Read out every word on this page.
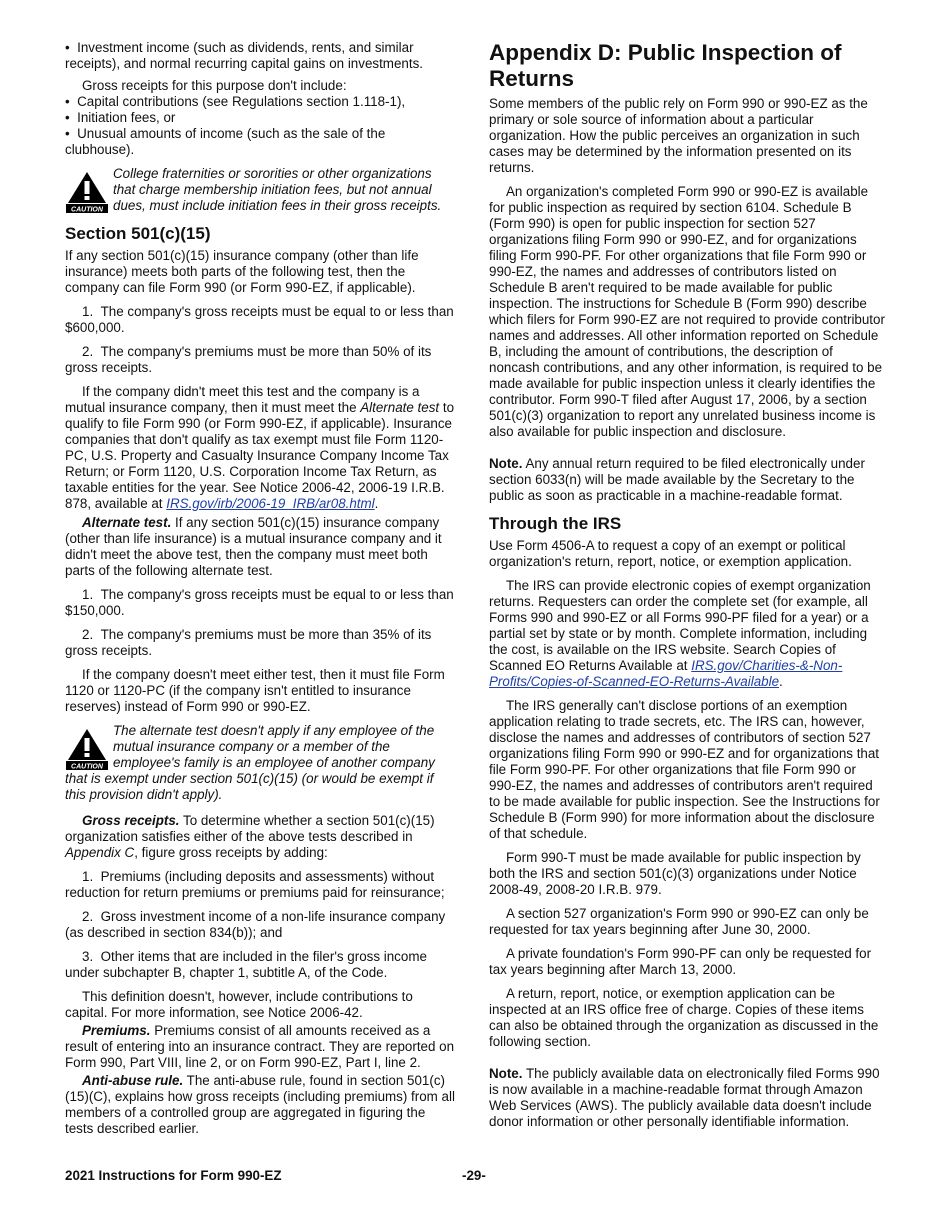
•  Investment income (such as dividends, rents, and similar receipts), and normal recurring capital gains on investments.

Gross receipts for this purpose don't include:

•  Capital contributions (see Regulations section 1.118-1),

•  Initiation fees, or

•  Unusual amounts of income (such as the sale of the clubhouse).

CAUTION
College fraternities or sororities or other organizations that charge membership initiation fees, but not annual dues, must include initiation fees in their gross receipts.
Section 501(c)(15)

If any section 501(c)(15) insurance company (other than life insurance) meets both parts of the following test, then the company can file Form 990 (or Form 990-EZ, if applicable).

1.  The company's gross receipts must be equal to or less than $600,000.

2.  The company's premiums must be more than 50% of its gross receipts.

If the company didn't meet this test and the company is a mutual insurance company, then it must meet the Alternate test to qualify to file Form 990 (or Form 990-EZ, if applicable). Insurance companies that don't qualify as tax exempt must file Form 1120-PC, U.S. Property and Casualty Insurance Company Income Tax Return; or Form 1120, U.S. Corporation Income Tax Return, as taxable entities for the year. See Notice 2006-42, 2006-19 I.R.B. 878, available at IRS.gov/irb/2006-19_IRB/ar08.html.

Alternate test. If any section 501(c)(15) insurance company (other than life insurance) is a mutual insurance company and it didn't meet the above test, then the company must meet both parts of the following alternate test.

1.  The company's gross receipts must be equal to or less than $150,000.

2.  The company's premiums must be more than 35% of its gross receipts.

If the company doesn't meet either test, then it must file Form 1120 or 1120-PC (if the company isn't entitled to insurance reserves) instead of Form 990 or 990-EZ.

CAUTION
The alternate test doesn't apply if any employee of the mutual insurance company or a member of the employee's family is an employee of another company that is exempt under section 501(c)(15) (or would be exempt if this provision didn't apply).

Gross receipts. To determine whether a section 501(c)(15) organization satisfies either of the above tests described in Appendix C, figure gross receipts by adding:

1.  Premiums (including deposits and assessments) without reduction for return premiums or premiums paid for reinsurance;

2.  Gross investment income of a non-life insurance company (as described in section 834(b)); and

3.  Other items that are included in the filer's gross income under subchapter B, chapter 1, subtitle A, of the Code.

This definition doesn't, however, include contributions to capital. For more information, see Notice 2006-42.

Premiums. Premiums consist of all amounts received as a result of entering into an insurance contract. They are reported on Form 990, Part VIII, line 2, or on Form 990-EZ, Part I, line 2.

Anti-abuse rule. The anti-abuse rule, found in section 501(c)(15)(C), explains how gross receipts (including premiums) from all members of a controlled group are aggregated in figuring the tests described earlier.

Appendix D: Public Inspection of Returns

Some members of the public rely on Form 990 or 990-EZ as the primary or sole source of information about a particular organization. How the public perceives an organization in such cases may be determined by the information presented on its returns.

An organization's completed Form 990 or 990-EZ is available for public inspection as required by section 6104. Schedule B (Form 990) is open for public inspection for section 527 organizations filing Form 990 or 990-EZ, and for organizations filing Form 990-PF. For other organizations that file Form 990 or 990-EZ, the names and addresses of contributors listed on Schedule B aren't required to be made available for public inspection. The instructions for Schedule B (Form 990) describe which filers for Form 990-EZ are not required to provide contributor names and addresses. All other information reported on Schedule B, including the amount of contributions, the description of noncash contributions, and any other information, is required to be made available for public inspection unless it clearly identifies the contributor. Form 990-T filed after August 17, 2006, by a section 501(c)(3) organization to report any unrelated business income is also available for public inspection and disclosure.

Note. Any annual return required to be filed electronically under section 6033(n) will be made available by the Secretary to the public as soon as practicable in a machine-readable format.

Through the IRS

Use Form 4506-A to request a copy of an exempt or political organization's return, report, notice, or exemption application.

The IRS can provide electronic copies of exempt organization returns. Requesters can order the complete set (for example, all Forms 990 and 990-EZ or all Forms 990-PF filed for a year) or a partial set by state or by month. Complete information, including the cost, is available on the IRS website. Search Copies of Scanned EO Returns Available at IRS.gov/Charities-&-Non-Profits/Copies-of-Scanned-EO-Returns-Available.

The IRS generally can't disclose portions of an exemption application relating to trade secrets, etc. The IRS can, however, disclose the names and addresses of contributors of section 527 organizations filing Form 990 or 990-EZ and for organizations that file Form 990-PF. For other organizations that file Form 990 or 990-EZ, the names and addresses of contributors aren't required to be made available for public inspection. See the Instructions for Schedule B (Form 990) for more information about the disclosure of that schedule.

Form 990-T must be made available for public inspection by both the IRS and section 501(c)(3) organizations under Notice 2008-49, 2008-20 I.R.B. 979.

A section 527 organization's Form 990 or 990-EZ can only be requested for tax years beginning after June 30, 2000.

A private foundation's Form 990-PF can only be requested for tax years beginning after March 13, 2000.

A return, report, notice, or exemption application can be inspected at an IRS office free of charge. Copies of these items can also be obtained through the organization as discussed in the following section.

Note. The publicly available data on electronically filed Forms 990 is now available in a machine-readable format through Amazon Web Services (AWS). The publicly available data doesn't include donor information or other personally identifiable information.

2021 Instructions for Form 990-EZ	-29-
